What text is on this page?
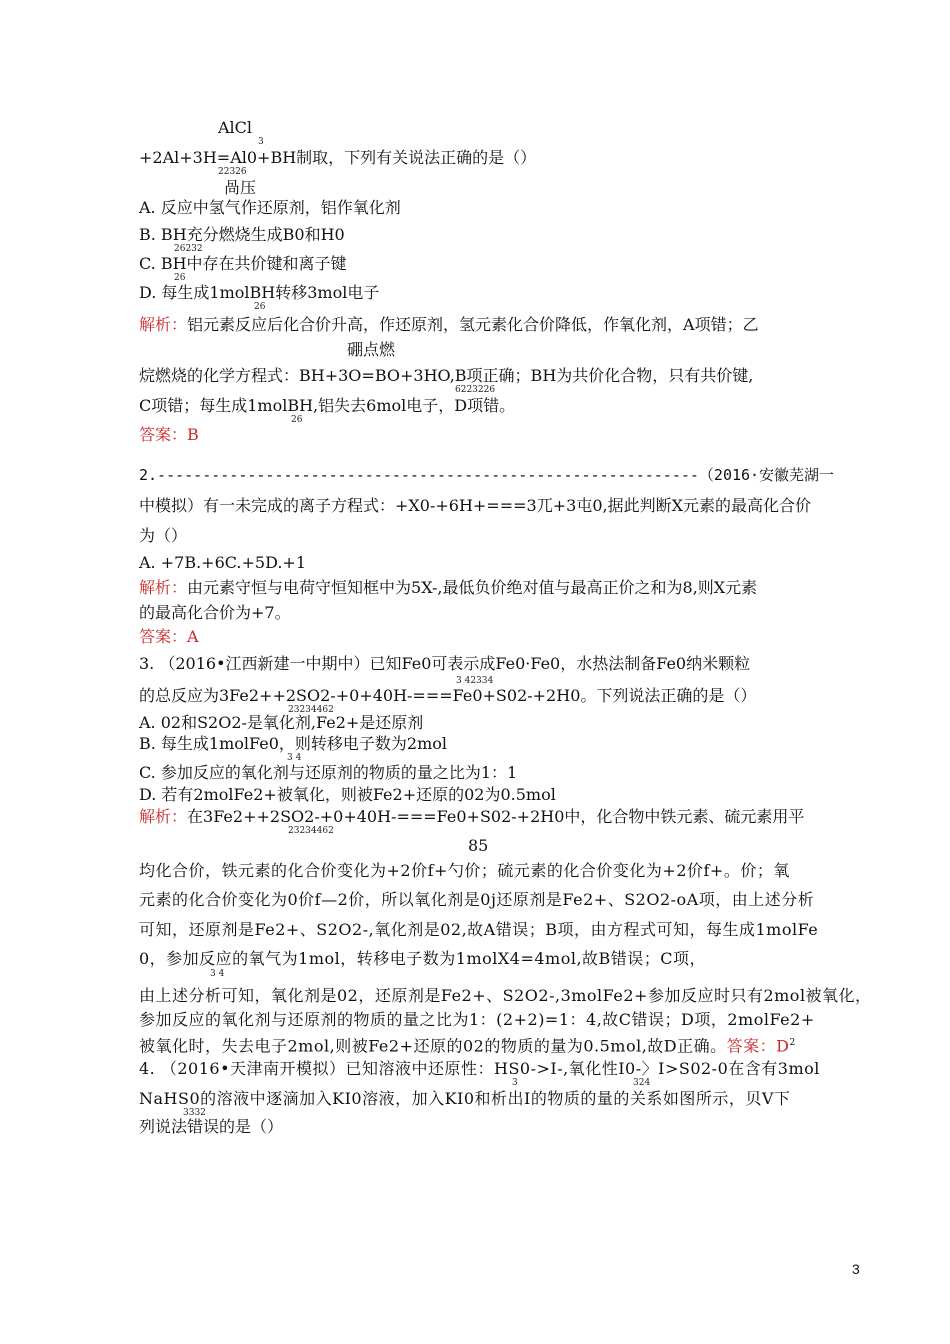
AlCl
3
+2Al+3H=Al0+BH制取，下列有关说法正确的是（）
22326
咼压
A. 反应中氢气作还原剂，铝作氧化剂
B. BH充分燃烧生成B0和H0
26232
C. BH中存在共价键和离子键
26
D. 每生成1molBH转移3mol电子
26
解析：铝元素反应后化合价升高，作还原剂，氢元素化合价降低，作氧化剂，A项错；乙
硼点燃
烷燃烧的化学方程式：BH+3O=BO+3HO,B项正确；BH为共价化合物，只有共价键,
6223226
C项错；每生成1molBH,铝失去6mol电子，D项错。
26
答案：B
2.------------------------------------------------------------（2016·安徽芜湖一
中模拟）有一未完成的离子方程式：+X0-+6H+===3兀+3屯0,据此判断X元素的最高化合价
为（）
A. +7B.+6C.+5D.+1
解析：由元素守恒与电荷守恒知框中为5X-,最低负价绝对值与最高正价之和为8,则X元素
的最高化合价为+7。
答案：A
3. （2016•江西新建一中期中）已知Fe0可表示成Fe0·Fe0，水热法制备Fe0纳米颗粒
3 42334
的总反应为3Fe2++2SO2-+0+40H-===Fe0+S02-+2H0。下列说法正确的是（）
23234462
A. 02和S2O2-是氧化剂,Fe2+是还原剂
B. 每生成1molFe0，则转移电子数为2mol
3 4
C. 参加反应的氧化剂与还原剂的物质的量之比为1：1
D. 若有2molFe2+被氧化，则被Fe2+还原的02为0.5mol
解析：在3Fe2++2SO2-+0+40H-===Fe0+S02-+2H0中，化合物中铁元素、硫元素用平
23234462
85
均化合价，铁元素的化合价变化为+2价f+勺价；硫元素的化合价变化为+2价f+。价；氧
元素的化合价变化为0价f—2价，所以氧化剂是0j还原剂是Fe2+、S2O2-oA项，由上述分析
可知，还原剂是Fe2+、S2O2-,氧化剂是02,故A错误；B项，由方程式可知，每生成1molFe
0，参加反应的氧气为1mol，转移电子数为1molX4=4mol,故B错误；C项，
3 4
由上述分析可知，氧化剂是02，还原剂是Fe2+、S2O2-,3molFe2+参加反应时只有2mol被氧化，
参加反应的氧化剂与还原剂的物质的量之比为1：(2+2)=1：4,故C错误；D项，2molFe2+
被氧化时，失去电子2mol,则被Fe2+还原的02的物质的量为0.5mol,故D正确。答案：$D^2$
4. （2016•天津南开模拟）已知溶液中还原性：HS0->I-,氧化性I0-〉I>S02-0在含有3mol
3	324
NaHS0的溶液中逐滴加入KI0溶液，加入KI0和析出I的物质的量的关系如图所示，贝V下
3332
列说法错误的是（）
3
